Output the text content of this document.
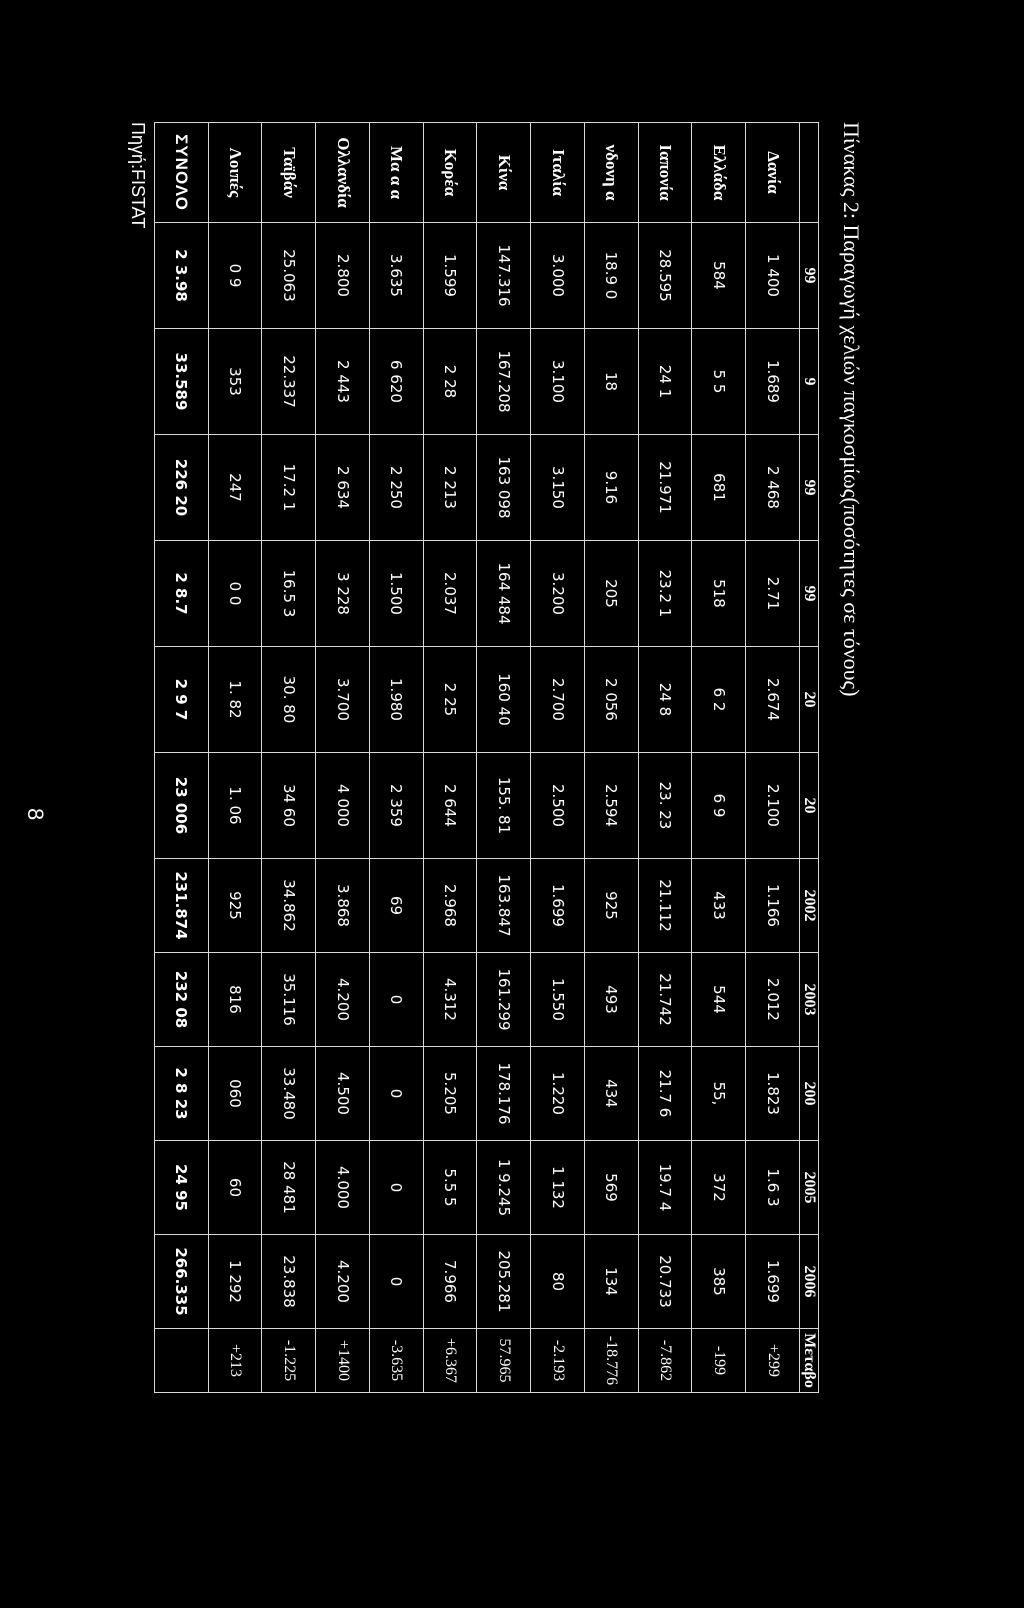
Πίνακας 2: Παραγωγή χελιών παγκοσμίως(ποσότητες σε τόνους)
	99	9	99	99	20	20	2002	2003	200	2005	2006	Μεταβο
Δανία	1 400	1.689	2 468	2.71	2.674	2.100	1.166	2.012	1.823	1.6 3	1.699	+299
Ελλάδα	584	5 5	681	518	6 2	6 9	433	544	55,	372	385	-199
Ιαπονία	28.595	24 1	21.971	23.2 1	24 8	23. 23	21.112	21.742	21.7 6	19.7 4	20.733	-7.862
νδονη α	18.9 0	18	9.16	205	2 056	2.594	925	493	434	569	134	-18.776
Ιταλία	3.000	3.100	3.150	3.200	2.700	2.500	1.699	1.550	1.220	1 132	80	-2.193
Κίνα	147.316	167.208	163 098	164 484	160 40	155. 81	163.847	161.299	178.176	1 9.245	205.281	57.965
Κορέα	1.599	2 28	2 213	2.037	2 25	2 644	2.968	4.312	5.205	5.5 5	7.966	+6.367
Μα α α	3.635	6 620	2 250	1.500	1.980	2 359	69	0	0	0	0	-3.635
Ολλανδία	2.800	2 443	2 634	3 228	3.700	4 000	3.868	4.200	4.500	4.000	4.200	+1400
Ταϊβάν	25.063	22.337	17.2 1	16.5 3	30. 80	34 60	34.862	35.116	33.480	28 481	23.838	-1.225
Λοιπές	0 9	353	247	0 0	1. 82	1. 06	925	816	060	60	1 292	+213
ΣΥΝΟΛΟ	2 3.98	33.589	226 20	2 8.7	2 9 7	23 006	231.874	232 08	2 8 23	24 95	266.335	
Πηγή:FISTAT
8
